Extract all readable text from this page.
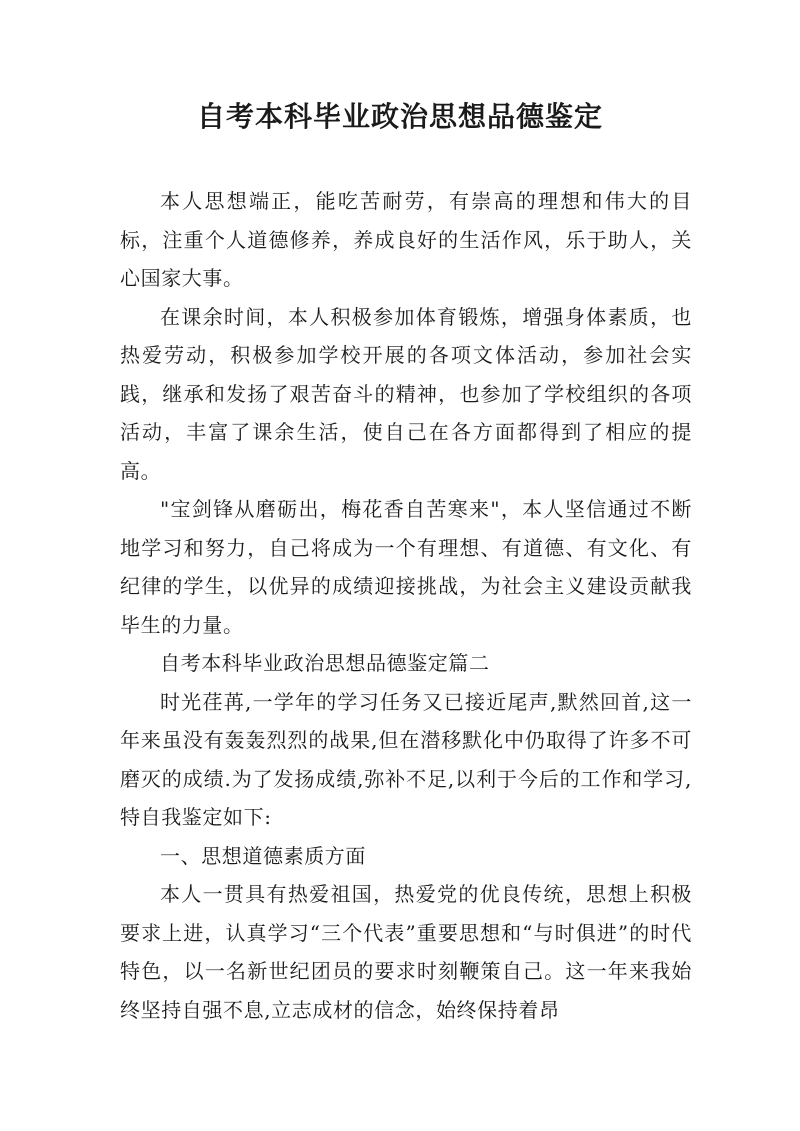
自考本科毕业政治思想品德鉴定

本人思想端正，能吃苦耐劳，有崇高的理想和伟大的目标，注重个人道德修养，养成良好的生活作风，乐于助人，关心国家大事。

在课余时间，本人积极参加体育锻炼，增强身体素质，也热爱劳动，积极参加学校开展的各项文体活动，参加社会实践，继承和发扬了艰苦奋斗的精神，也参加了学校组织的各项活动，丰富了课余生活，使自己在各方面都得到了相应的提高。

"宝剑锋从磨砺出，梅花香自苦寒来"，本人坚信通过不断地学习和努力，自己将成为一个有理想、有道德、有文化、有纪律的学生，以优异的成绩迎接挑战，为社会主义建设贡献我毕生的力量。

自考本科毕业政治思想品德鉴定篇二

时光荏苒,一学年的学习任务又已接近尾声,默然回首,这一年来虽没有轰轰烈烈的战果,但在潜移默化中仍取得了许多不可磨灭的成绩.为了发扬成绩,弥补不足,以利于今后的工作和学习,特自我鉴定如下:

一、思想道德素质方面

本人一贯具有热爱祖国，热爱党的优良传统，思想上积极要求上进，认真学习“三个代表”重要思想和“与时俱进”的时代特色，以一名新世纪团员的要求时刻鞭策自己。这一年来我始终坚持自强不息,立志成材的信念，始终保持着昂
